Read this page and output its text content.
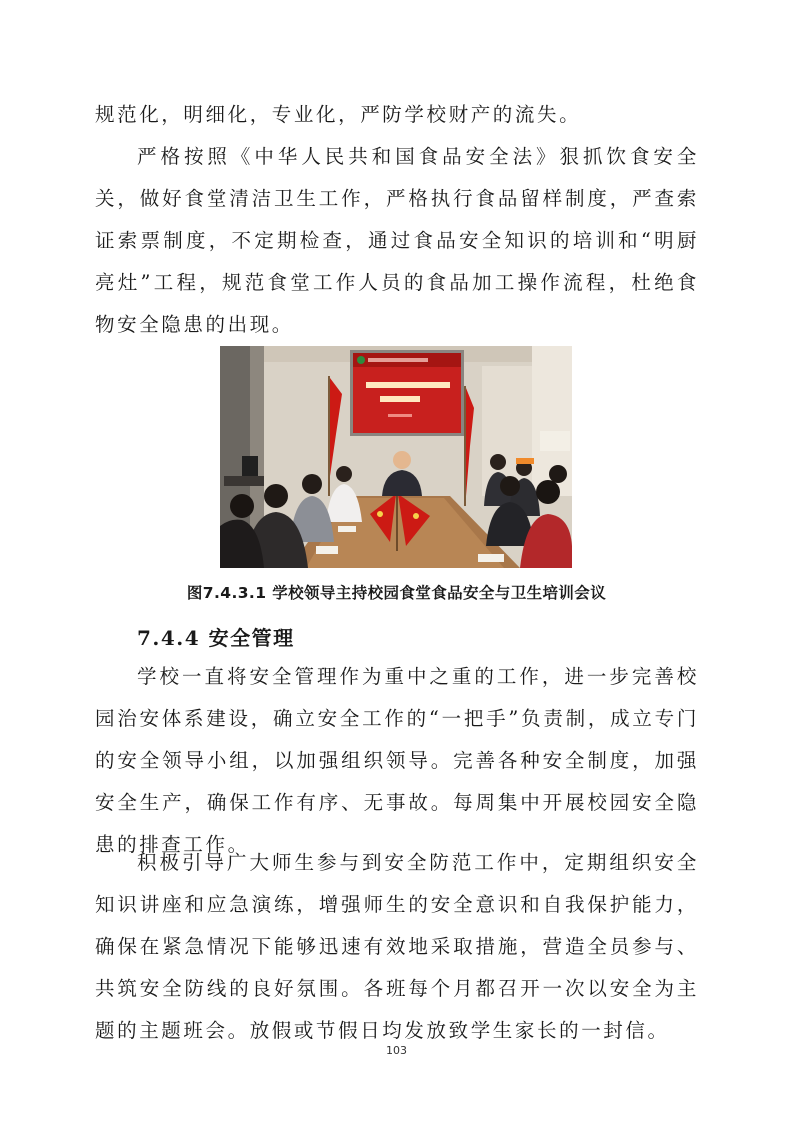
规范化，明细化，专业化，严防学校财产的流失。

严格按照《中华人民共和国食品安全法》狠抓饮食安全关，做好食堂清洁卫生工作，严格执行食品留样制度，严查索证索票制度，不定期检查，通过食品安全知识的培训和“明厨亮灶”工程，规范食堂工作人员的食品加工操作流程，杜绝食物安全隐患的出现。

图7.4.3.1 学校领导主持校园食堂食品安全与卫生培训会议

7.4.4 安全管理

学校一直将安全管理作为重中之重的工作，进一步完善校园治安体系建设，确立安全工作的“一把手”负责制，成立专门的安全领导小组，以加强组织领导。完善各种安全制度，加强安全生产，确保工作有序、无事故。每周集中开展校园安全隐患的排查工作。

积极引导广大师生参与到安全防范工作中，定期组织安全知识讲座和应急演练，增强师生的安全意识和自我保护能力，确保在紧急情况下能够迅速有效地采取措施，营造全员参与、共筑安全防线的良好氛围。各班每个月都召开一次以安全为主题的主题班会。放假或节假日均发放致学生家长的一封信。

103
